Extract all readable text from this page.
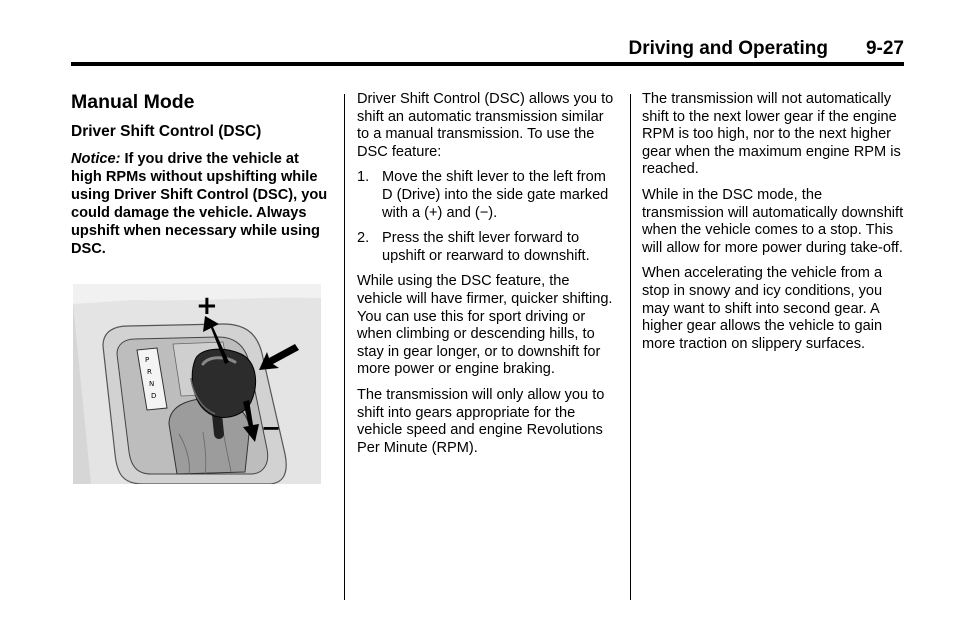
Driving and Operating 9-27
Manual Mode
Driver Shift Control (DSC)

Notice: If you drive the vehicle at high RPMs without upshifting while using Driver Shift Control (DSC), you could damage the vehicle. Always upshift when necessary while using DSC.

P
R
N
D
+
−

Driver Shift Control (DSC) allows you to shift an automatic transmission similar to a manual transmission. To use the DSC feature:

1. Move the shift lever to the left from D (Drive) into the side gate marked with a (+) and (−).
2. Press the shift lever forward to upshift or rearward to downshift.

While using the DSC feature, the vehicle will have firmer, quicker shifting. You can use this for sport driving or when climbing or descending hills, to stay in gear longer, or to downshift for more power or engine braking.

The transmission will only allow you to shift into gears appropriate for the vehicle speed and engine Revolutions Per Minute (RPM).

The transmission will not automatically shift to the next lower gear if the engine RPM is too high, nor to the next higher gear when the maximum engine RPM is reached.

While in the DSC mode, the transmission will automatically downshift when the vehicle comes to a stop. This will allow for more power during take-off.

When accelerating the vehicle from a stop in snowy and icy conditions, you may want to shift into second gear. A higher gear allows the vehicle to gain more traction on slippery surfaces.
